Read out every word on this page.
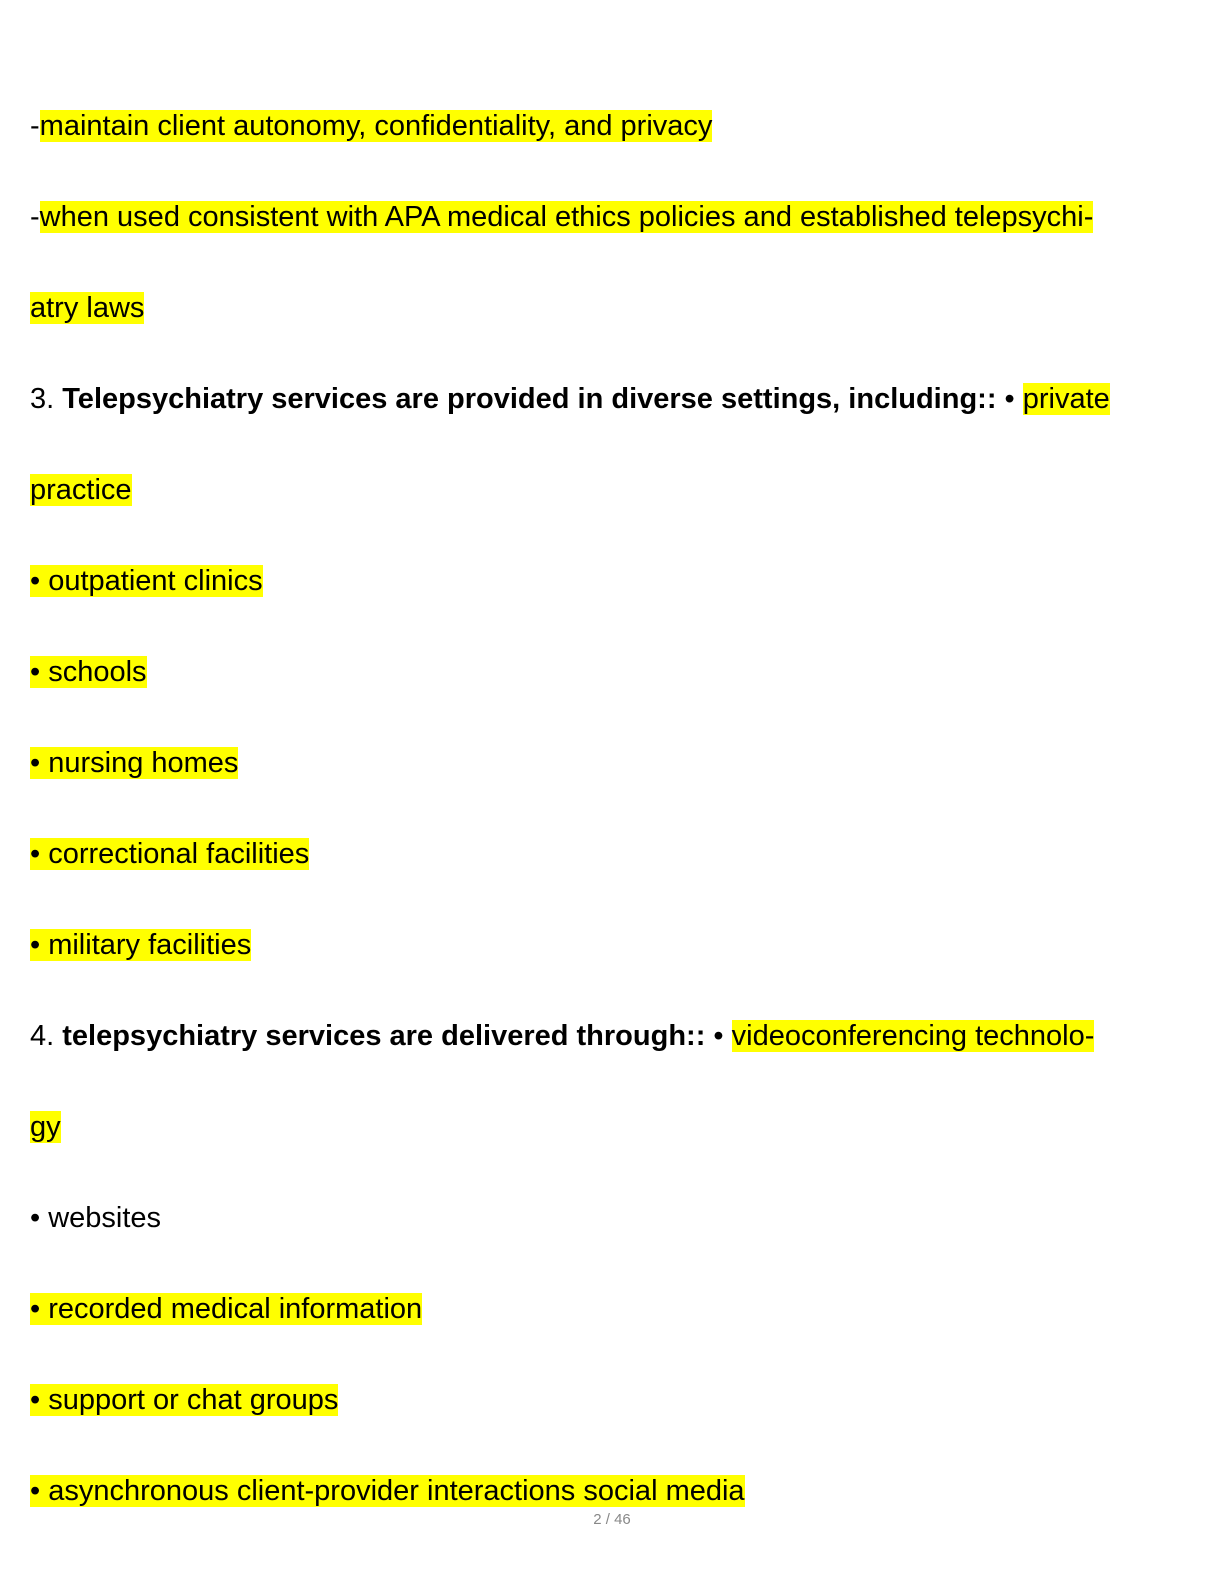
-maintain client autonomy, confidentiality, and privacy
-when used consistent with APA medical ethics policies and established telepsychi-
atry laws
3. Telepsychiatry services are provided in diverse settings, including:: • private
practice
• outpatient clinics
• schools
• nursing homes
• correctional facilities
• military facilities
4. telepsychiatry services are delivered through:: • videoconferencing technolo-
gy
• websites
• recorded medical information
• support or chat groups
• asynchronous client-provider interactions social media
2 / 46
